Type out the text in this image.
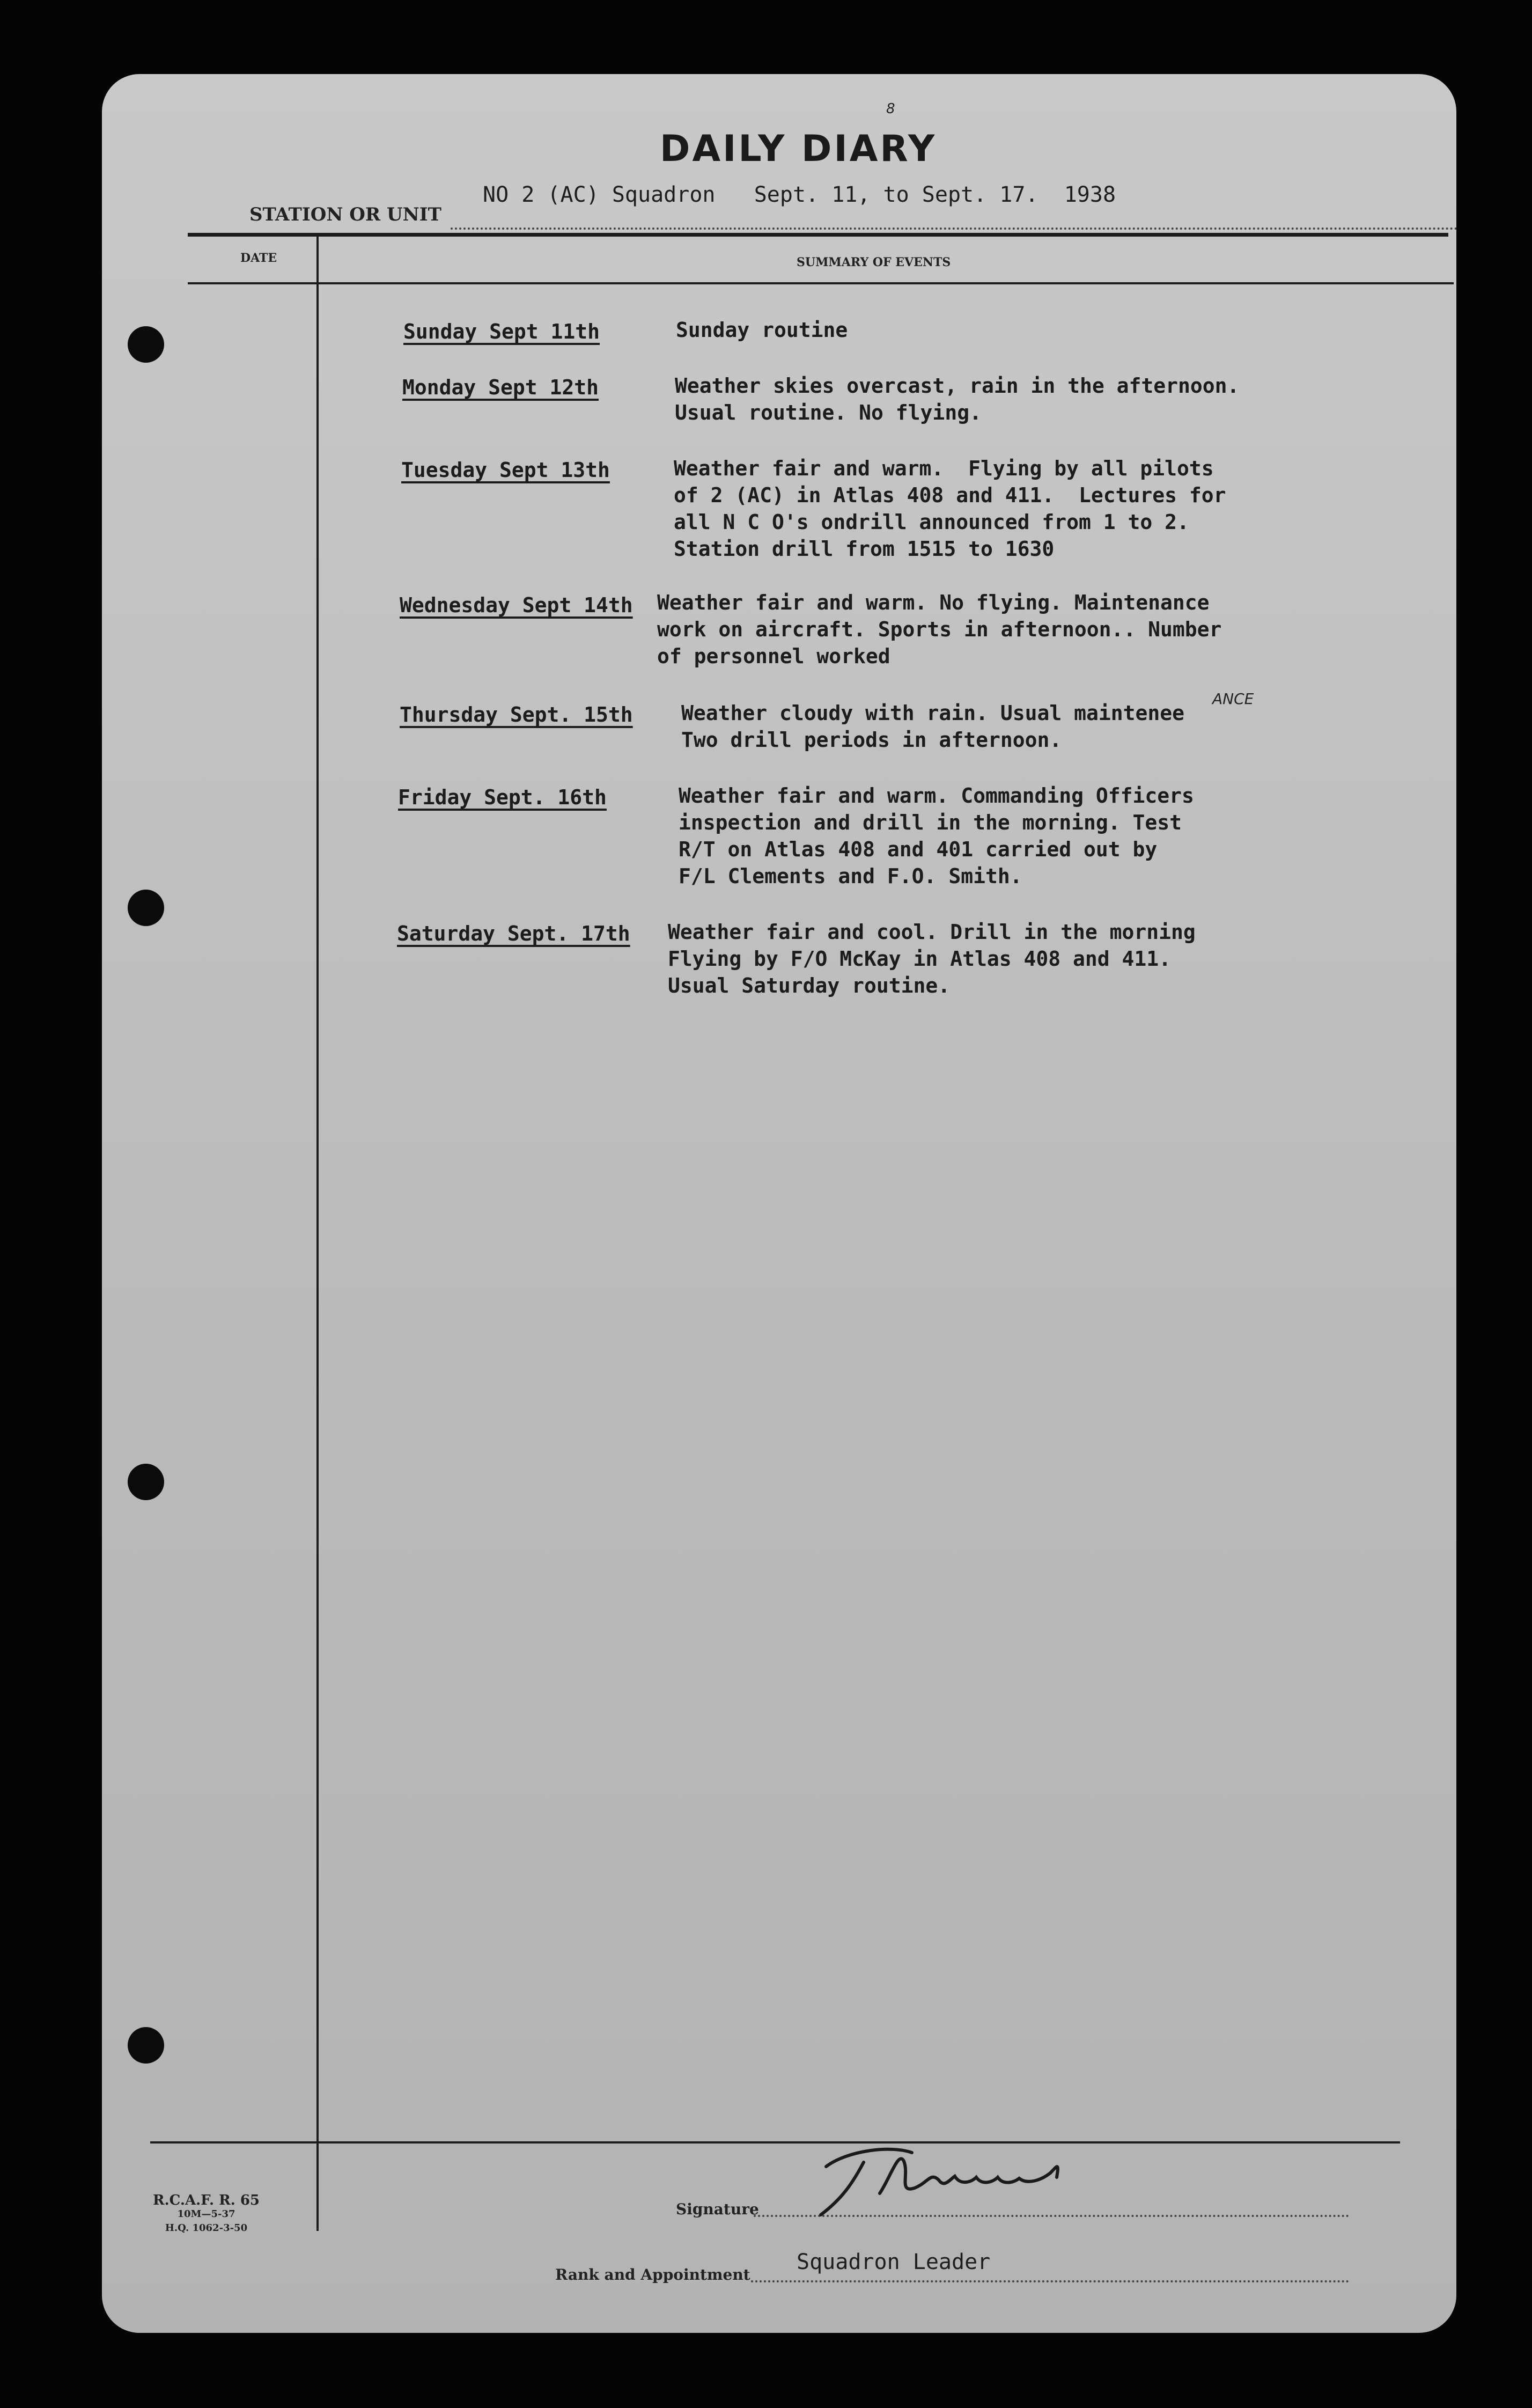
8
DAILY DIARY
STATION OR UNIT
NO 2 (AC) Squadron   Sept. 11, to Sept. 17.  1938
DATE	SUMMARY OF EVENTS
Sunday Sept 11th	Sunday routine
Monday Sept 12th	Weather skies overcast, rain in the afternoon.
Usual routine. No flying.
Tuesday Sept 13th	Weather fair and warm.  Flying by all pilots
of 2 (AC) in Atlas 408 and 411.  Lectures for
all N C O's ondrill announced from 1 to 2.
Station drill from 1515 to 1630
Wednesday Sept 14th Weather fair and warm. No flying. Maintenance
work on aircraft. Sports in afternoon.. Number
of personnel worked
Thursday Sept. 15th Weather cloudy with rain. Usual maintenee
Two drill periods in afternoon.
ANCE
Friday Sept. 16th	Weather fair and warm. Commanding Officers
inspection and drill in the morning. Test
R/T on Atlas 408 and 401 carried out by
F/L Clements and F.O. Smith.
Saturday Sept. 17th Weather fair and cool. Drill in the morning
Flying by F/O McKay in Atlas 408 and 411.
Usual Saturday routine.
R.C.A.F. R. 65
10M—5-37
H.Q. 1062-3-50
Signature
Rank and Appointment
Squadron Leader
